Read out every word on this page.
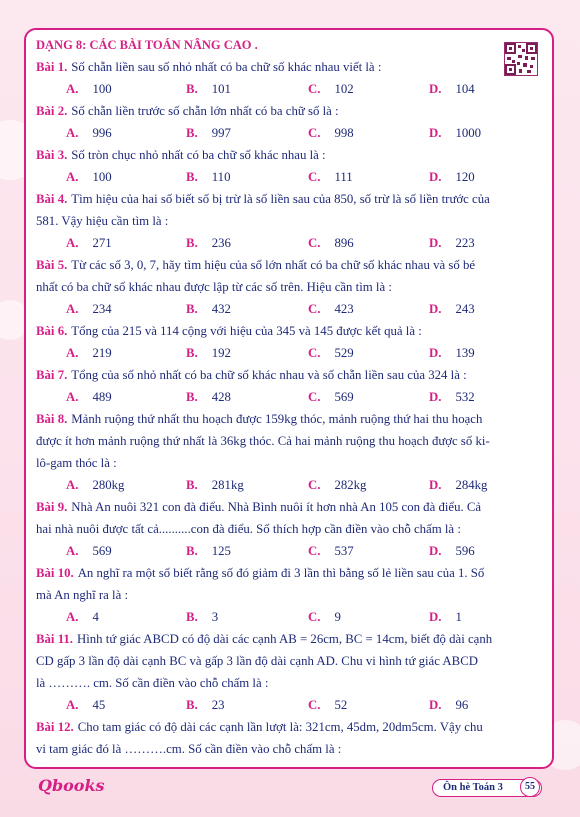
DẠNG 8: CÁC BÀI TOÁN NÂNG CAO .
Bài 1. Số chẵn liền sau số nhỏ nhất có ba chữ số khác nhau viết là :
A. 100	B. 101	C. 102	D. 104
Bài 2. Số chẵn liền trước số chẵn lớn nhất có ba chữ số là :
A. 996	B. 997	C. 998	D. 1000
Bài 3. Số tròn chục nhỏ nhất có ba chữ số khác nhau là :
A. 100	B. 110	C. 111	D. 120
Bài 4. Tìm hiệu của hai số biết số bị trừ là số liền sau của 850, số trừ là số liền trước của
581. Vậy hiệu cần tìm là :
A. 271	B. 236	C. 896	D. 223
Bài 5. Từ các số 3, 0, 7, hãy tìm hiệu của số lớn nhất có ba chữ số khác nhau và số bé
nhất có ba chữ số khác nhau được lập từ các số trên. Hiệu cần tìm là :
A. 234	B. 432	C. 423	D. 243
Bài 6. Tổng của 215 và 114 cộng với hiệu của 345 và 145 được kết quả là :
A. 219	B. 192	C. 529	D. 139
Bài 7. Tổng của số nhỏ nhất có ba chữ số khác nhau và số chẵn liền sau của 324 là :
A. 489	B. 428	C. 569	D. 532
Bài 8. Mảnh ruộng thứ nhất thu hoạch được 159kg thóc, mảnh ruộng thứ hai thu hoạch
được ít hơn mảnh ruộng thứ nhất là 36kg thóc. Cả hai mảnh ruộng thu hoạch được số ki-
lô-gam thóc là :
A. 280kg	B. 281kg	C. 282kg	D. 284kg
Bài 9. Nhà An nuôi 321 con đà điểu. Nhà Bình nuôi ít hơn nhà An 105 con đà điểu. Cả
hai nhà nuôi được tất cả..........con đà điểu. Số thích hợp cần điền vào chỗ chấm là :
A. 569	B. 125	C. 537	D. 596
Bài 10. An nghĩ ra một số biết rằng số đó giảm đi 3 lần thì bằng số lẻ liền sau của 1. Số
mà An nghĩ ra là :
A. 4	B. 3	C. 9	D. 1
Bài 11. Hình tứ giác ABCD có độ dài các cạnh AB = 26cm, BC = 14cm, biết độ dài cạnh
CD gấp 3 lần độ dài cạnh BC và gấp 3 lần độ dài cạnh AD. Chu vi hình tứ giác ABCD
là ………. cm. Số cần điền vào chỗ chấm là :
A. 45	B. 23	C. 52	D. 96
Bài 12. Cho tam giác có độ dài các cạnh lần lượt là: 321cm, 45dm, 20dm5cm. Vậy chu
vi tam giác đó là ……….cm. Số cần điền vào chỗ chấm là :
Qbooks	Ôn hè Toán 3	55
